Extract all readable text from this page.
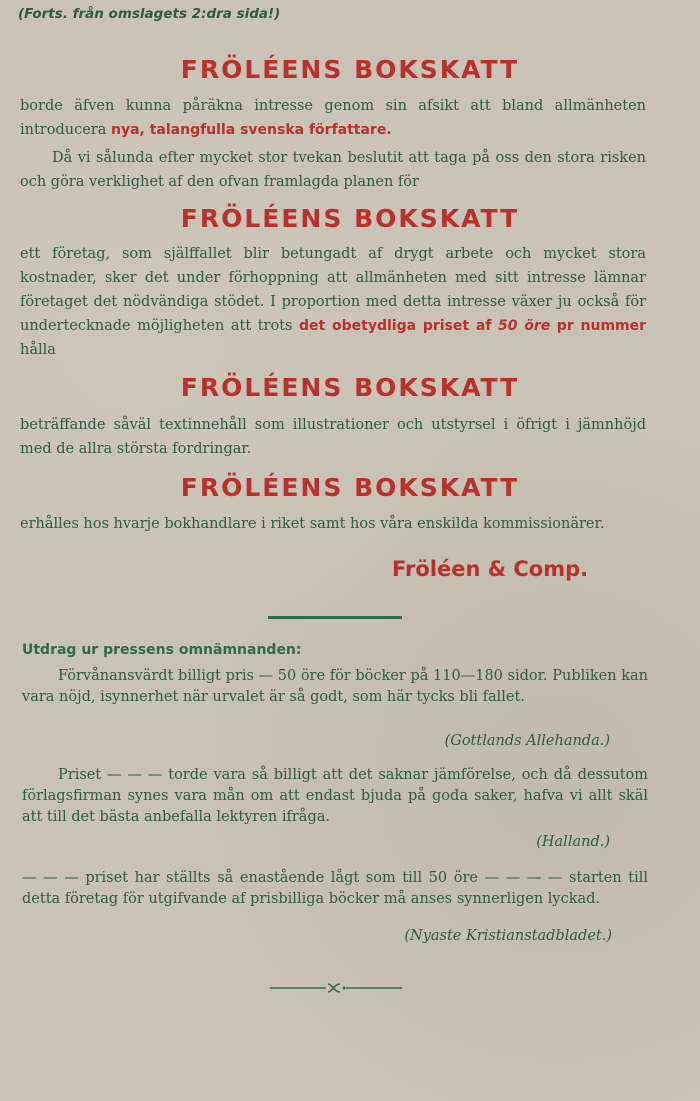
(Forts. från omslagets 2:dra sida!)
FRÖLÉENS BOKSKATT
borde äfven kunna påräkna intresse genom sin afsikt att bland allmänheten introducera nya, talangfulla svenska författare.
Då vi sålunda efter mycket stor tvekan beslutit att taga på oss den stora risken och göra verklighet af den ofvan framlagda planen för
FRÖLÉENS BOKSKATT
ett företag, som själffallet blir betungadt af drygt arbete och mycket stora kostnader, sker det under förhoppning att allmänheten med sitt intresse lämnar företaget det nödvändiga stödet. I proportion med detta intresse växer ju också för undertecknade möjligheten att trots det obetydliga priset af 50 öre pr nummer hålla
FRÖLÉENS BOKSKATT
beträffande såväl textinnehåll som illustrationer och utstyrsel i öfrigt i jämnhöjd med de allra största fordringar.
FRÖLÉENS BOKSKATT
erhålles hos hvarje bokhandlare i riket samt hos våra enskilda kommissionärer.
Fröléen & Comp.
Utdrag ur pressens omnämnanden:
Förvånansvärdt billigt pris — 50 öre för böcker på 110—180 sidor. Publiken kan vara nöjd, isynnerhet när urvalet är så godt, som här tycks bli fallet.
(Gottlands Allehanda.)
Priset — — — torde vara så billigt att det saknar jämförelse, och då dessutom förlagsfirman synes vara mån om att endast bjuda på goda saker, hafva vi allt skäl att till det bästa anbefalla lektyren ifråga.
(Halland.)
— — — priset har ställts så enastående lågt som till 50 öre — — — — starten till detta företag för utgifvande af prisbilliga böcker må anses synnerligen lyckad.
(Nyaste Kristianstadbladet.)
